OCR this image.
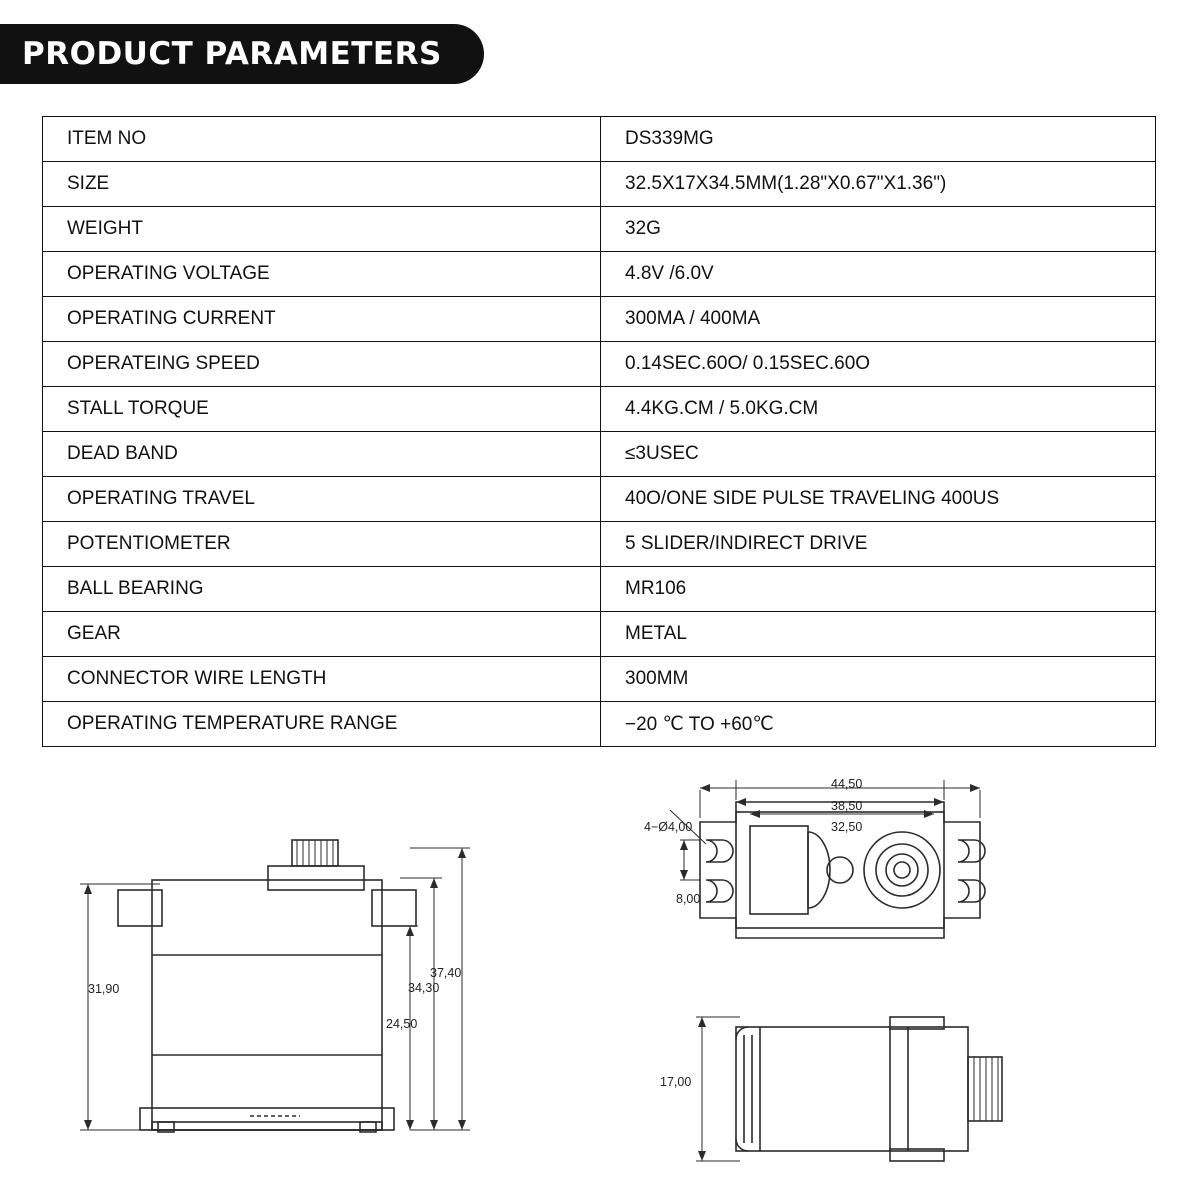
PRODUCT PARAMETERS
ITEM NO	DS339MG
SIZE	32.5X17X34.5MM(1.28"X0.67"X1.36")
WEIGHT	32G
OPERATING VOLTAGE	4.8V /6.0V
OPERATING CURRENT	300MA / 400MA
OPERATEING SPEED	0.14SEC.60O/ 0.15SEC.60O
STALL TORQUE	4.4KG.CM / 5.0KG.CM
DEAD BAND	≤3USEC
OPERATING TRAVEL	40O/ONE SIDE PULSE TRAVELING 400US
POTENTIOMETER	5 SLIDER/INDIRECT DRIVE
BALL BEARING	MR106
GEAR	METAL
CONNECTOR WIRE LENGTH	300MM
OPERATING TEMPERATURE RANGE	−20 ℃ TO +60℃
31,90
37,40
34,30
24,50
44,50
38,50
32,50
4−Ø4,00
8,00
17,00
